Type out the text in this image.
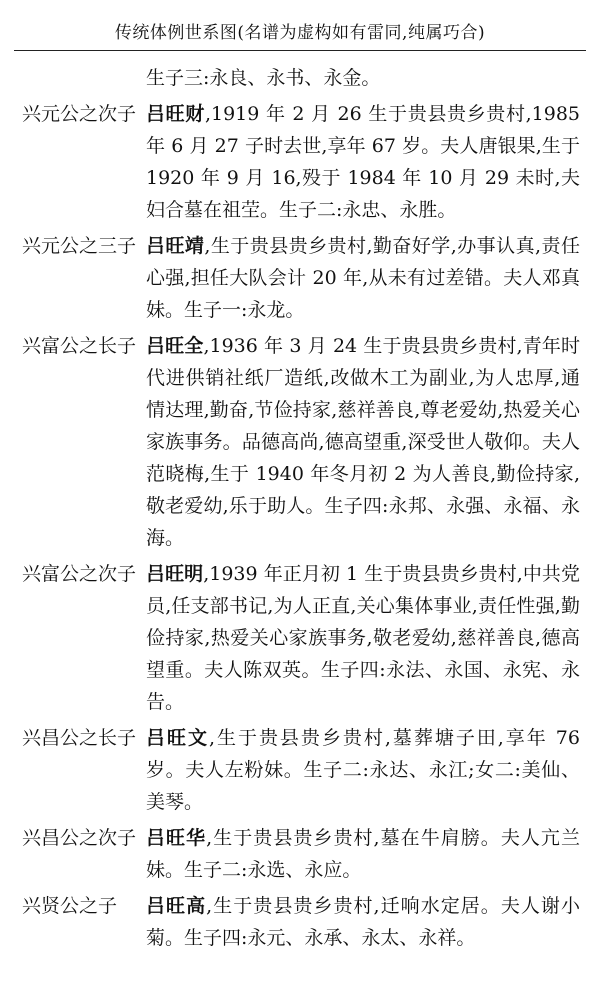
传统体例世系图(名谱为虚构如有雷同,纯属巧合)
生子三:永良、永书、永金。
兴元公之次子 吕旺财,1919 年 2 月 26 生于贵县贵乡贵村,1985 年 6 月 27 子时去世,享年 67 岁。夫人唐银果,生于 1920 年 9 月 16,殁于 1984 年 10 月 29 未时,夫妇合墓在祖茔。生子二:永忠、永胜。
兴元公之三子 吕旺靖,生于贵县贵乡贵村,勤奋好学,办事认真,责任心强,担任大队会计 20 年,从未有过差错。夫人邓真妹。生子一:永龙。
兴富公之长子 吕旺全,1936 年 3 月 24 生于贵县贵乡贵村,青年时代进供销社纸厂造纸,改做木工为副业,为人忠厚,通情达理,勤奋,节俭持家,慈祥善良,尊老爱幼,热爱关心家族事务。品德高尚,德高望重,深受世人敬仰。夫人范晓梅,生于 1940 年冬月初 2 为人善良,勤俭持家,敬老爱幼,乐于助人。生子四:永邦、永强、永福、永海。
兴富公之次子 吕旺明,1939 年正月初 1 生于贵县贵乡贵村,中共党员,任支部书记,为人正直,关心集体事业,责任性强,勤俭持家,热爱关心家族事务,敬老爱幼,慈祥善良,德高望重。夫人陈双英。生子四:永法、永国、永宪、永告。
兴昌公之长子 吕旺文,生于贵县贵乡贵村,墓葬塘子田,享年 76 岁。夫人左粉妹。生子二:永达、永江;女二:美仙、美琴。
兴昌公之次子 吕旺华,生于贵县贵乡贵村,墓在牛肩膀。夫人亢兰妹。生子二:永选、永应。
兴贤公之子	吕旺高,生于贵县贵乡贵村,迁响水定居。夫人谢小菊。生子四:永元、永承、永太、永祥。
